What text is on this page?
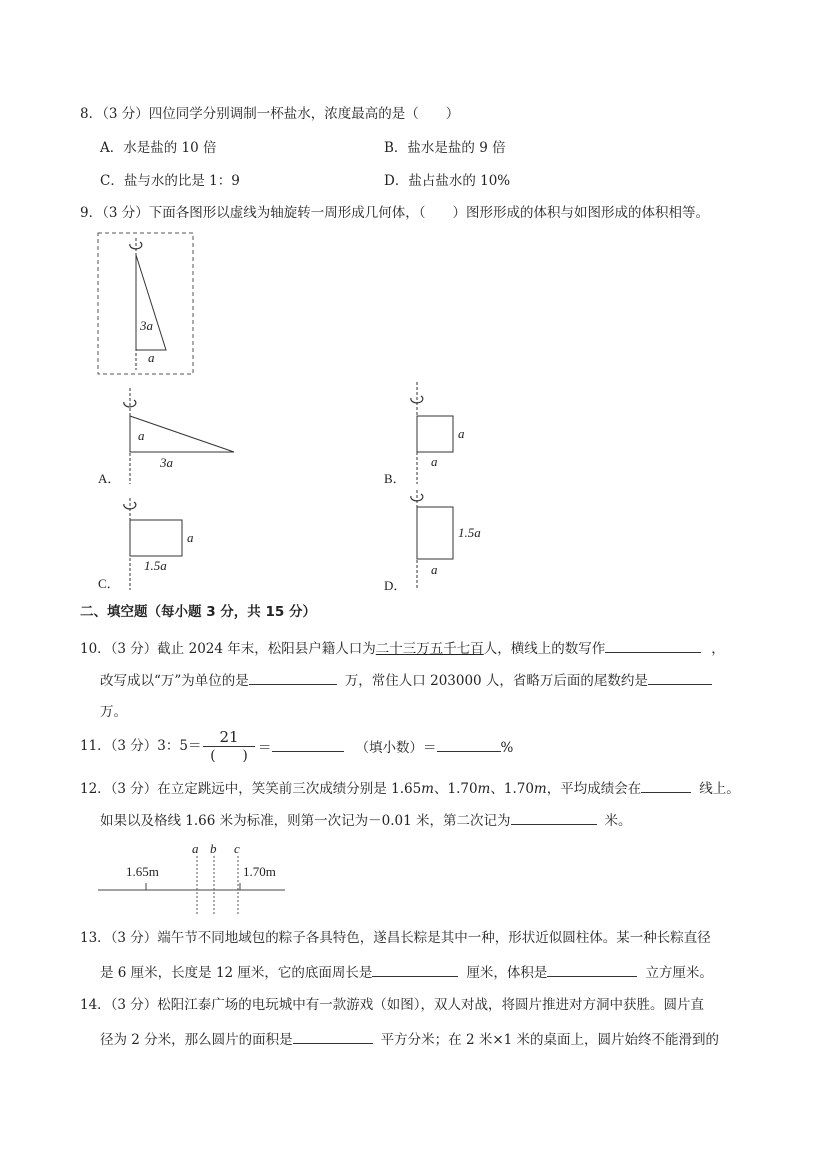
8．（3 分）四位同学分别调制一杯盐水，浓度最高的是（　　）
A．水是盐的 10 倍	B．盐水是盐的 9 倍
C．盐与水的比是 1：9	D．盐占盐水的 10%
9．（3 分）下面各图形以虚线为轴旋转一周形成几何体，（　　）图形形成的体积与如图形成的体积相等。
3a
a
a
3a
A．
a
a
B．
a
1.5a
C．
1.5a
a
D．
1.65m	1.70m
a b c
二、填空题（每小题 3 分，共 15 分）
10．（3 分）截止 2024 年末，松阳县户籍人口为二十三万五千七百人，横线上的数写作	，
改写成以“万”为单位的是	万，常住人口 203000 人，省略万后面的尾数约是
万。
11．（3 分）3：5＝	21
(　　) ＝	（填小数）＝	%
12．（3 分）在立定跳远中，笑笑前三次成绩分别是 1.65m、1.70m、1.70m，平均成绩会在	线上。
如果以及格线 1.66 米为标准，则第一次记为－0.01 米，第二次记为	米。
13．（3 分）端午节不同地域包的粽子各具特色，遂昌长粽是其中一种，形状近似圆柱体。某一种长粽直径
是 6 厘米，长度是 12 厘米，它的底面周长是	厘米，体积是	立方厘米。
14．（3 分）松阳江泰广场的电玩城中有一款游戏（如图），双人对战，将圆片推进对方洞中获胜。圆片直
径为 2 分米，那么圆片的面积是	平方分米；在 2 米×1 米的桌面上，圆片始终不能滑到的
